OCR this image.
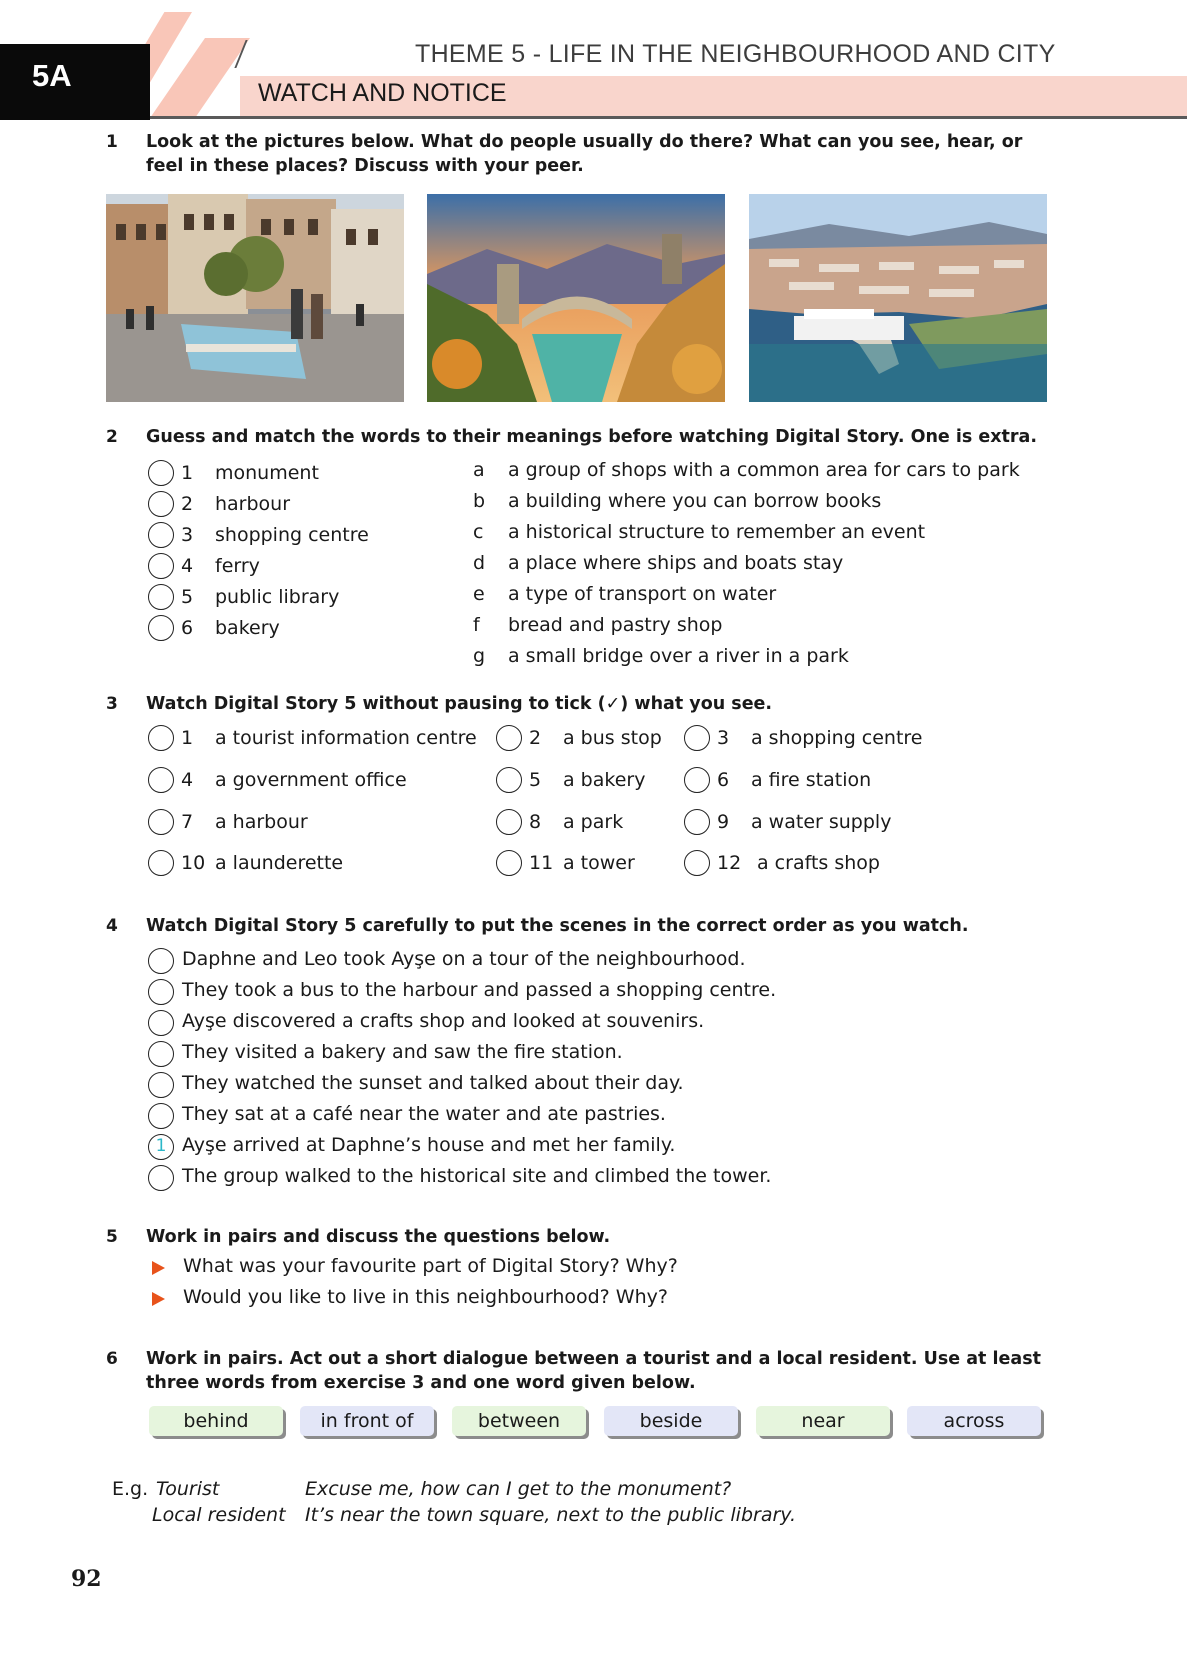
5A
THEME 5 - LIFE IN THE NEIGHBOURHOOD AND CITY
WATCH AND NOTICE
1 Look at the pictures below. What do people usually do there? What can you see, hear, or feel in these places? Discuss with your peer.
2 Guess and match the words to their meanings before watching Digital Story. One is extra.
1 monument
2 harbour
3 shopping centre
4 ferry
5 public library
6 bakery
a a group of shops with a common area for cars to park
b a building where you can borrow books
c a historical structure to remember an event
d a place where ships and boats stay
e a type of transport on water
f bread and pastry shop
g a small bridge over a river in a park
3 Watch Digital Story 5 without pausing to tick (✓) what you see.
1 a tourist information centre	2 a bus stop	3 a shopping centre
4 a government office	5 a bakery	6 a fire station
7 a harbour	8 a park	9 a water supply
10 a launderette	11 a tower	12 a crafts shop
4 Watch Digital Story 5 carefully to put the scenes in the correct order as you watch.
Daphne and Leo took Ayşe on a tour of the neighbourhood.
They took a bus to the harbour and passed a shopping centre.
Ayşe discovered a crafts shop and looked at souvenirs.
They visited a bakery and saw the fire station.
They watched the sunset and talked about their day.
They sat at a café near the water and ate pastries.
1 Ayşe arrived at Daphne’s house and met her family.
The group walked to the historical site and climbed the tower.
5 Work in pairs and discuss the questions below.
What was your favourite part of Digital Story? Why?
Would you like to live in this neighbourhood? Why?
6 Work in pairs. Act out a short dialogue between a tourist and a local resident. Use at least three words from exercise 3 and one word given below.
behind	in front of	between	beside	near	across
E.g. Tourist	Excuse me, how can I get to the monument?
Local resident It’s near the town square, next to the public library.
92
